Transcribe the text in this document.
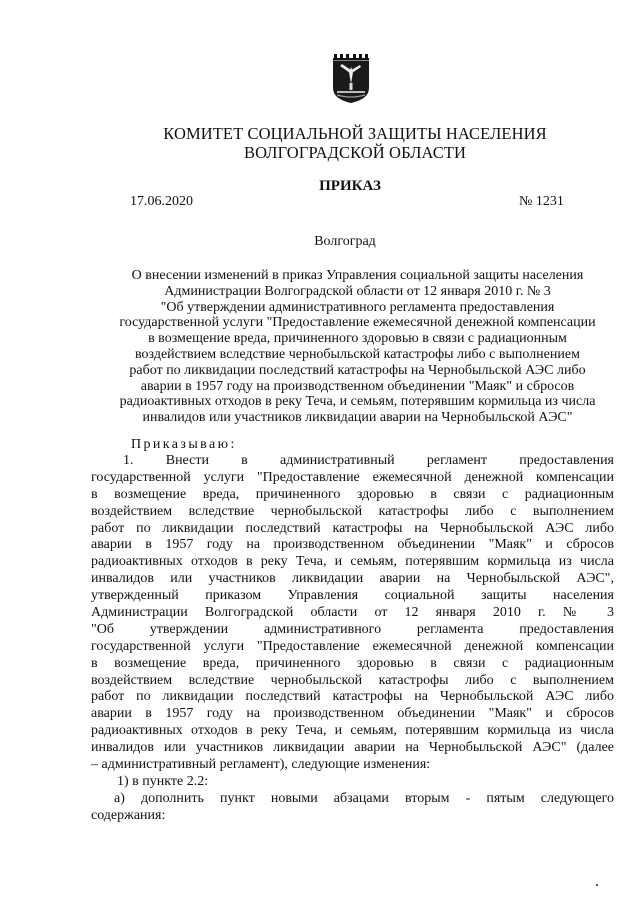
КОМИТЕТ СОЦИАЛЬНОЙ ЗАЩИТЫ НАСЕЛЕНИЯ
ВОЛГОГРАДСКОЙ ОБЛАСТИ
ПРИКАЗ
17.06.2020	№ 1231
Волгоград
О внесении изменений в приказ Управления социальной защиты населения
Администрации Волгоградской области от 12 января 2010 г. № 3
"Об утверждении административного регламента предоставления
государственной услуги "Предоставление ежемесячной денежной компенсации
в возмещение вреда, причиненного здоровью в связи с радиационным
воздействием вследствие чернобыльской катастрофы либо с выполнением
работ по ликвидации последствий катастрофы на Чернобыльской АЭС либо
аварии в 1957 году на производственном объединении "Маяк" и сбросов
радиоактивных отходов в реку Теча, и семьям, потерявшим кормильца из числа
инвалидов или участников ликвидации аварии на Чернобыльской АЭС"
Приказываю:
1. Внести в административный регламент предоставления
государственной услуги "Предоставление ежемесячной денежной компенсации
в возмещение вреда, причиненного здоровью в связи с радиационным
воздействием вследствие чернобыльской катастрофы либо с выполнением
работ по ликвидации последствий катастрофы на Чернобыльской АЭС либо
аварии в 1957 году на производственном объединении "Маяк" и сбросов
радиоактивных отходов в реку Теча, и семьям, потерявшим кормильца из числа
инвалидов или участников ликвидации аварии на Чернобыльской АЭС",
утвержденный приказом Управления социальной защиты населения
Администрации Волгоградской области от 12 января 2010 г. № 3
"Об утверждении административного регламента предоставления
государственной услуги "Предоставление ежемесячной денежной компенсации
в возмещение вреда, причиненного здоровью в связи с радиационным
воздействием вследствие чернобыльской катастрофы либо с выполнением
работ по ликвидации последствий катастрофы на Чернобыльской АЭС либо
аварии в 1957 году на производственном объединении "Маяк" и сбросов
радиоактивных отходов в реку Теча, и семьям, потерявшим кормильца из числа
инвалидов или участников ликвидации аварии на Чернобыльской АЭС" (далее
– административный регламент), следующие изменения:
1) в пункте 2.2:
а) дополнить пункт новыми абзацами вторым - пятым следующего
содержания:
